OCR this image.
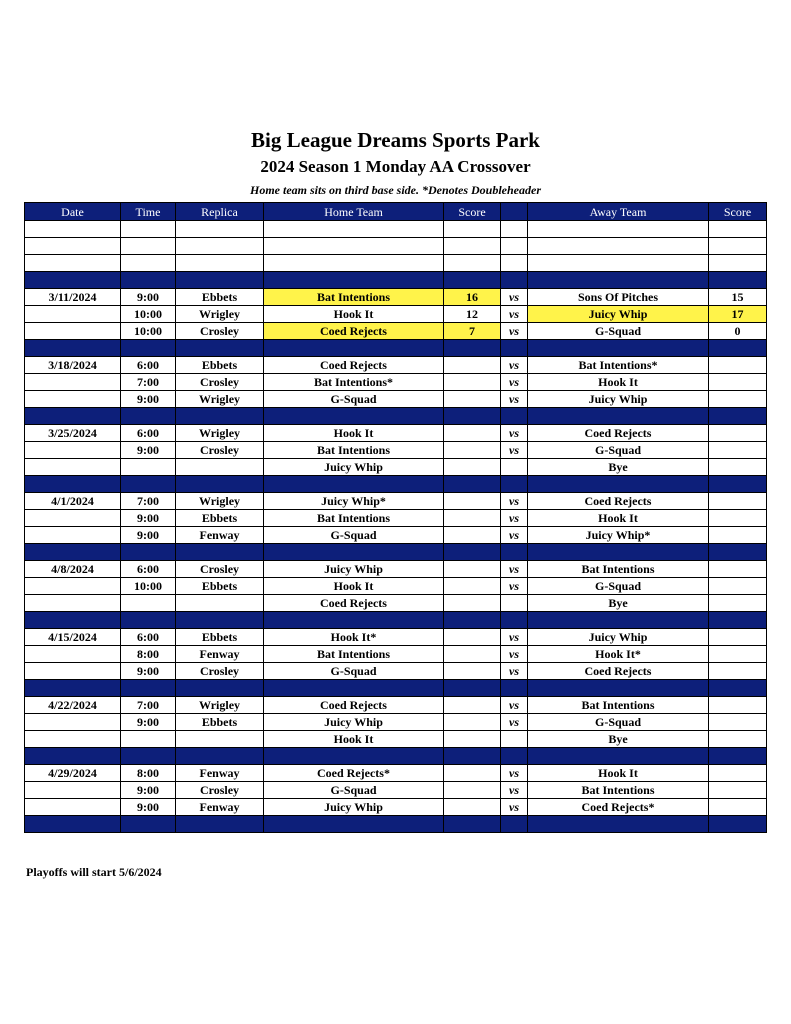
Big League Dreams Sports Park
2024 Season 1 Monday AA Crossover
Home team sits on third base side. *Denotes Doubleheader
Date	Time	Replica	Home Team	Score		Away Team	Score

3/11/2024	9:00	Ebbets	Bat Intentions	16	vs	Sons Of Pitches	15
	10:00	Wrigley	Hook It	12	vs	Juicy Whip	17
	10:00	Crosley	Coed Rejects	7	vs	G-Squad	0

3/18/2024	6:00	Ebbets	Coed Rejects		vs	Bat Intentions*	
	7:00	Crosley	Bat Intentions*		vs	Hook It	
	9:00	Wrigley	G-Squad		vs	Juicy Whip	

3/25/2024	6:00	Wrigley	Hook It		vs	Coed Rejects	
	9:00	Crosley	Bat Intentions		vs	G-Squad	
			Juicy Whip			Bye	

4/1/2024	7:00	Wrigley	Juicy Whip*		vs	Coed Rejects	
	9:00	Ebbets	Bat Intentions		vs	Hook It	
	9:00	Fenway	G-Squad		vs	Juicy Whip*	

4/8/2024	6:00	Crosley	Juicy Whip		vs	Bat Intentions	
	10:00	Ebbets	Hook It		vs	G-Squad	
			Coed Rejects			Bye	

4/15/2024	6:00	Ebbets	Hook It*		vs	Juicy Whip	
	8:00	Fenway	Bat Intentions		vs	Hook It*	
	9:00	Crosley	G-Squad		vs	Coed Rejects	

4/22/2024	7:00	Wrigley	Coed Rejects		vs	Bat Intentions	
	9:00	Ebbets	Juicy Whip		vs	G-Squad	
			Hook It			Bye	

4/29/2024	8:00	Fenway	Coed Rejects*		vs	Hook It	
	9:00	Crosley	G-Squad		vs	Bat Intentions	
	9:00	Fenway	Juicy Whip		vs	Coed Rejects*	

Playoffs will start 5/6/2024
